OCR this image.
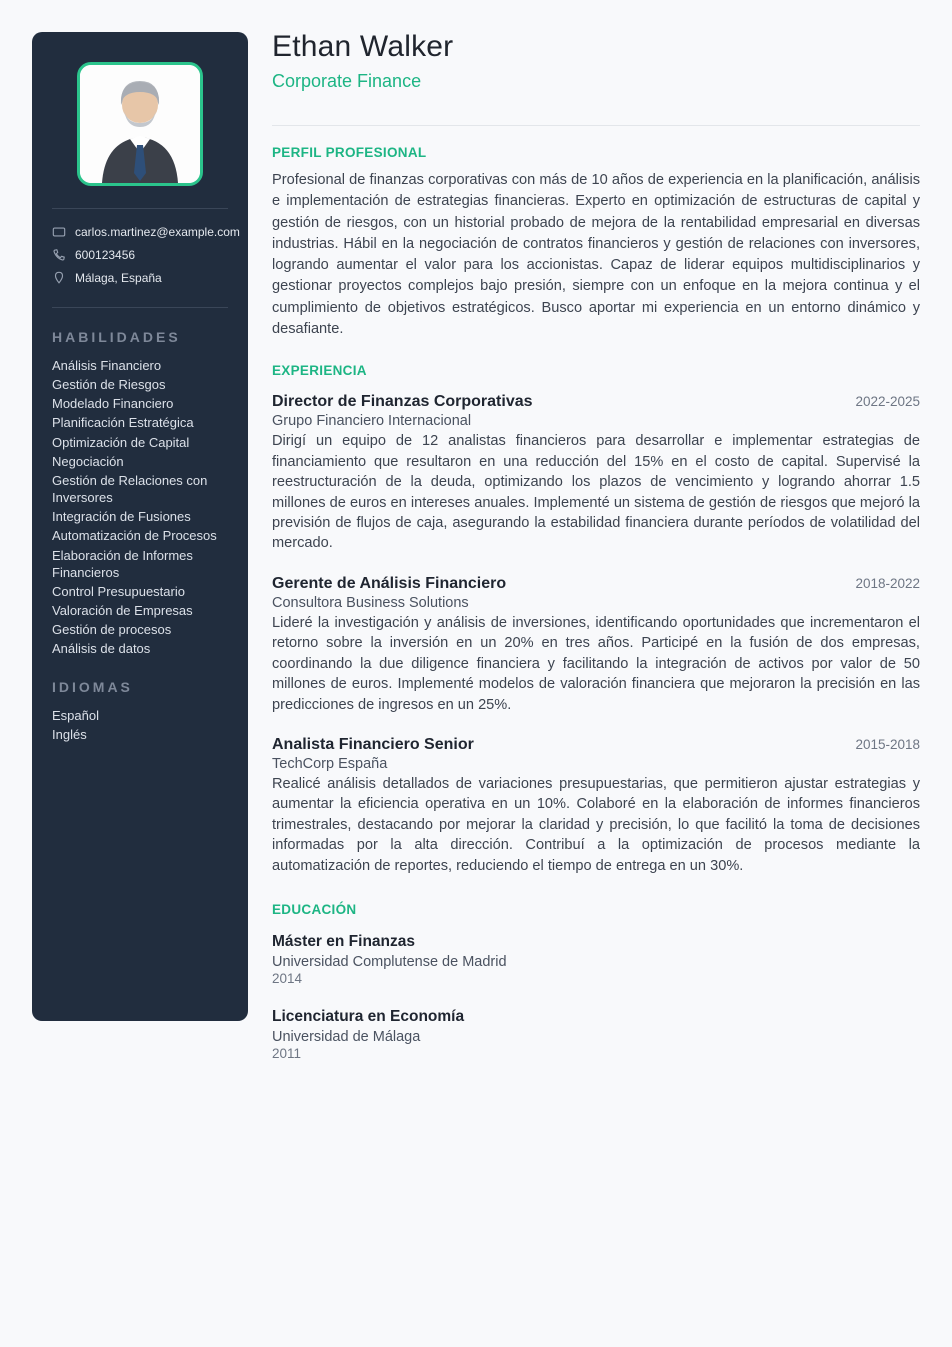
carlos.martinez@example.com
600123456
Málaga, España
HABILIDADES
Análisis Financiero
Gestión de Riesgos
Modelado Financiero
Planificación Estratégica
Optimización de Capital
Negociación
Gestión de Relaciones con Inversores
Integración de Fusiones
Automatización de Procesos
Elaboración de Informes Financieros
Control Presupuestario
Valoración de Empresas
Gestión de procesos
Análisis de datos
IDIOMAS
Español
Inglés
Ethan Walker
Corporate Finance
PERFIL PROFESIONAL

Profesional de finanzas corporativas con más de 10 años de experiencia en la planificación, análisis e implementación de estrategias financieras. Experto en optimización de estructuras de capital y gestión de riesgos, con un historial probado de mejora de la rentabilidad empresarial en diversas industrias. Hábil en la negociación de contratos financieros y gestión de relaciones con inversores, logrando aumentar el valor para los accionistas. Capaz de liderar equipos multidisciplinarios y gestionar proyectos complejos bajo presión, siempre con un enfoque en la mejora continua y el cumplimiento de objetivos estratégicos. Busco aportar mi experiencia en un entorno dinámico y desafiante.

EXPERIENCIA
Director de Finanzas Corporativas	2022-2025
Grupo Financiero Internacional

Dirigí un equipo de 12 analistas financieros para desarrollar e implementar estrategias de financiamiento que resultaron en una reducción del 15% en el costo de capital. Supervisé la reestructuración de la deuda, optimizando los plazos de vencimiento y logrando ahorrar 1.5 millones de euros en intereses anuales. Implementé un sistema de gestión de riesgos que mejoró la previsión de flujos de caja, asegurando la estabilidad financiera durante períodos de volatilidad del mercado.

Gerente de Análisis Financiero	2018-2022
Consultora Business Solutions

Lideré la investigación y análisis de inversiones, identificando oportunidades que incrementaron el retorno sobre la inversión en un 20% en tres años. Participé en la fusión de dos empresas, coordinando la due diligence financiera y facilitando la integración de activos por valor de 50 millones de euros. Implementé modelos de valoración financiera que mejoraron la precisión en las predicciones de ingresos en un 25%.

Analista Financiero Senior	2015-2018
TechCorp España

Realicé análisis detallados de variaciones presupuestarias, que permitieron ajustar estrategias y aumentar la eficiencia operativa en un 10%. Colaboré en la elaboración de informes financieros trimestrales, destacando por mejorar la claridad y precisión, lo que facilitó la toma de decisiones informadas por la alta dirección. Contribuí a la optimización de procesos mediante la automatización de reportes, reduciendo el tiempo de entrega en un 30%.

EDUCACIÓN
Máster en Finanzas
Universidad Complutense de Madrid
2014
Licenciatura en Economía
Universidad de Málaga
2011
